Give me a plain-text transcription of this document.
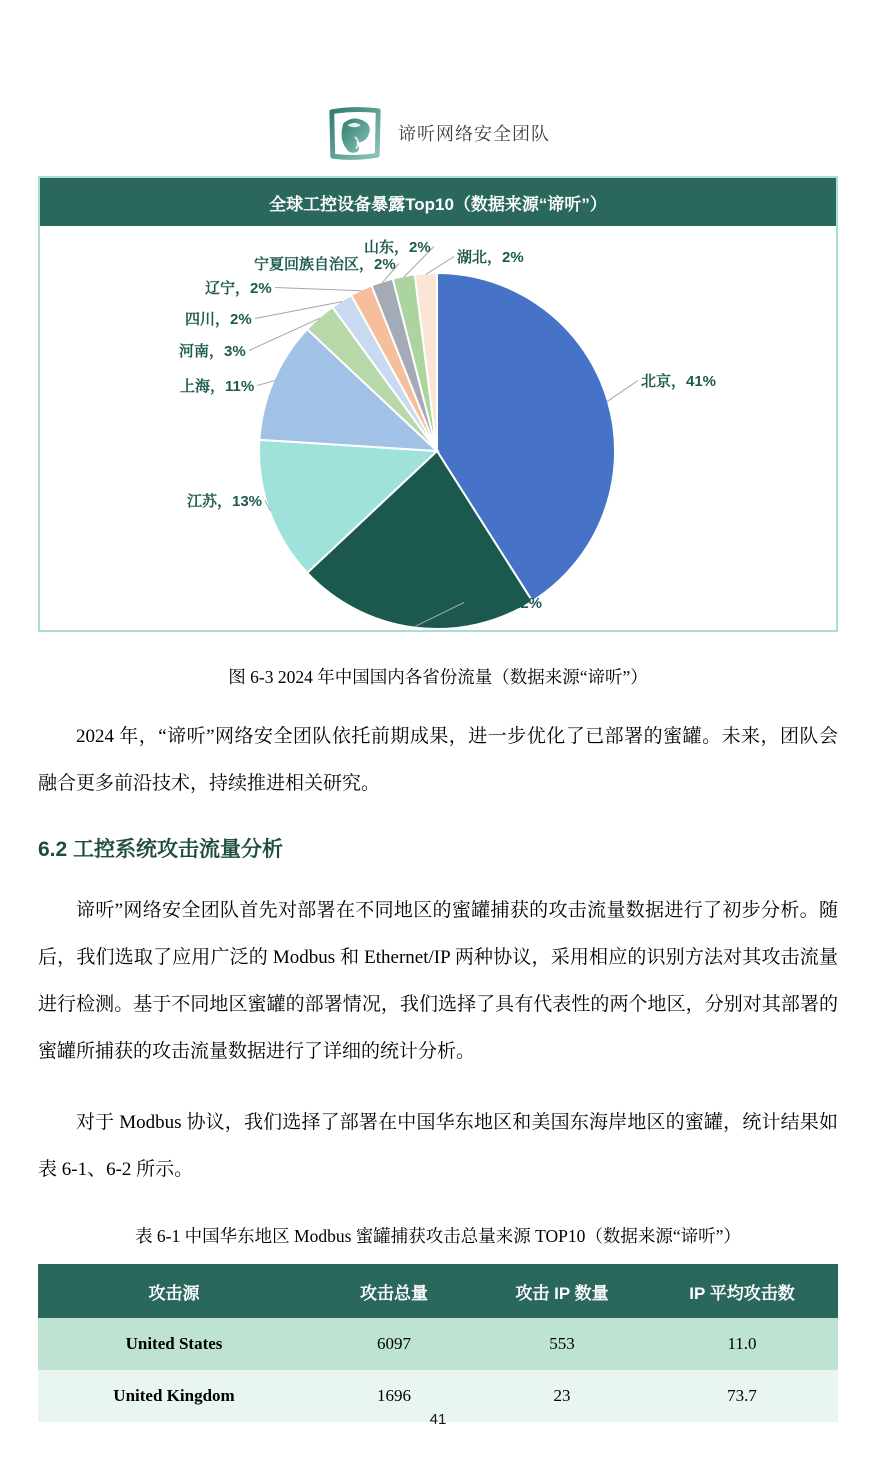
谛听网络安全团队
全球工控设备暴露Top10（数据来源“谛听”）
北京，41%
浙江，22%
江苏，13%
上海，11%
河南，3%
四川，2%
辽宁，2%
宁夏回族自治区，2%
山东，2%
湖北，2%
图 6-3 2024 年中国国内各省份流量（数据来源“谛听”）

2024 年，“谛听”网络安全团队依托前期成果，进一步优化了已部署的蜜罐。未来，团队会融合更多前沿技术，持续推进相关研究。

6.2 工控系统攻击流量分析

谛听”网络安全团队首先对部署在不同地区的蜜罐捕获的攻击流量数据进行了初步分析。随后，我们选取了应用广泛的 Modbus 和 Ethernet/IP 两种协议，采用相应的识别方法对其攻击流量进行检测。基于不同地区蜜罐的部署情况，我们选择了具有代表性的两个地区，分别对其部署的蜜罐所捕获的攻击流量数据进行了详细的统计分析。

对于 Modbus 协议，我们选择了部署在中国华东地区和美国东海岸地区的蜜罐，统计结果如表 6-1、6-2 所示。

表 6-1 中国华东地区 Modbus 蜜罐捕获攻击总量来源 TOP10（数据来源“谛听”）
攻击源	攻击总量	攻击 IP 数量	IP 平均攻击数
United States	6097	553	11.0
United Kingdom	1696	23	73.7
41
